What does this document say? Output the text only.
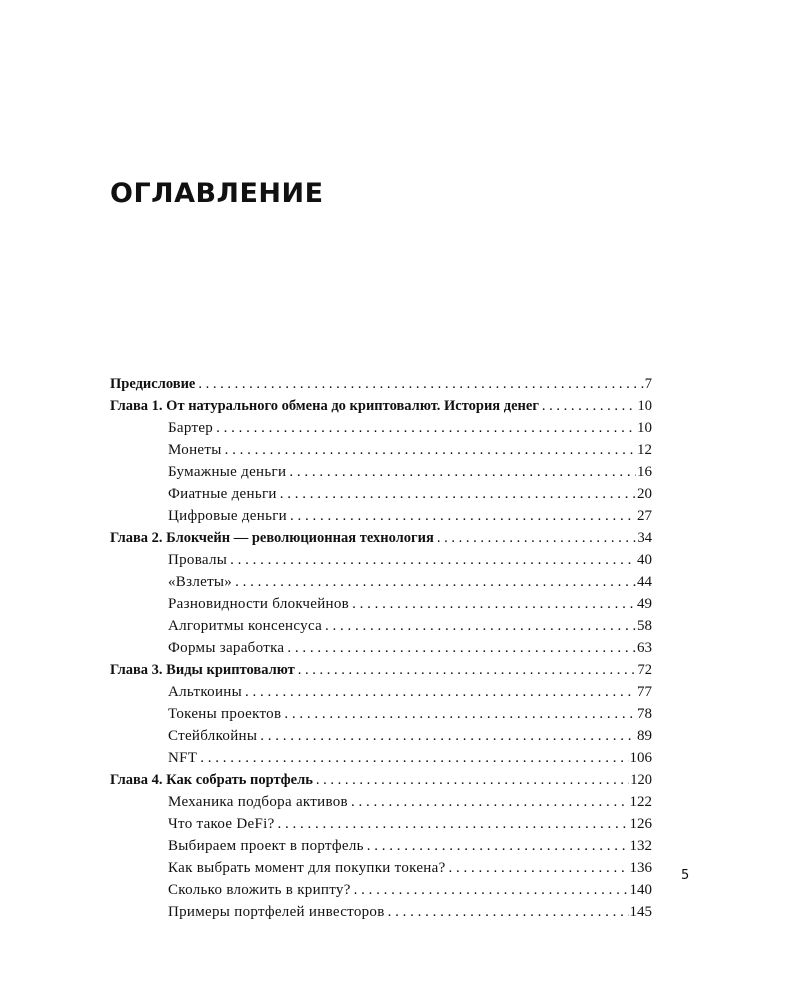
ОГЛАВЛЕНИЕ
Предисловие . . .	7
Глава 1. От натурального обмена до криптовалют. История денег . . .	10
Бартер . . .	10
Монеты . . .	12
Бумажные деньги . . .	16
Фиатные деньги . . .	20
Цифровые деньги . . .	27
Глава 2. Блокчейн — революционная технология . . .	34
Провалы . . .	40
«Взлеты» . . .	44
Разновидности блокчейнов . . .	49
Алгоритмы консенсуса . . .	58
Формы заработка . . .	63
Глава 3. Виды криптовалют . . .	72
Альткоины . . .	77
Токены проектов . . .	78
Стейблкойны . . .	89
NFT . . .	106
Глава 4. Как собрать портфель . . .	120
Механика подбора активов . . .	122
Что такое DeFi? . . .	126
Выбираем проект в портфель . . .	132
Как выбрать момент для покупки токена? . . .	136
Сколько вложить в крипту? . . .	140
Примеры портфелей инвесторов . . .	145
5
